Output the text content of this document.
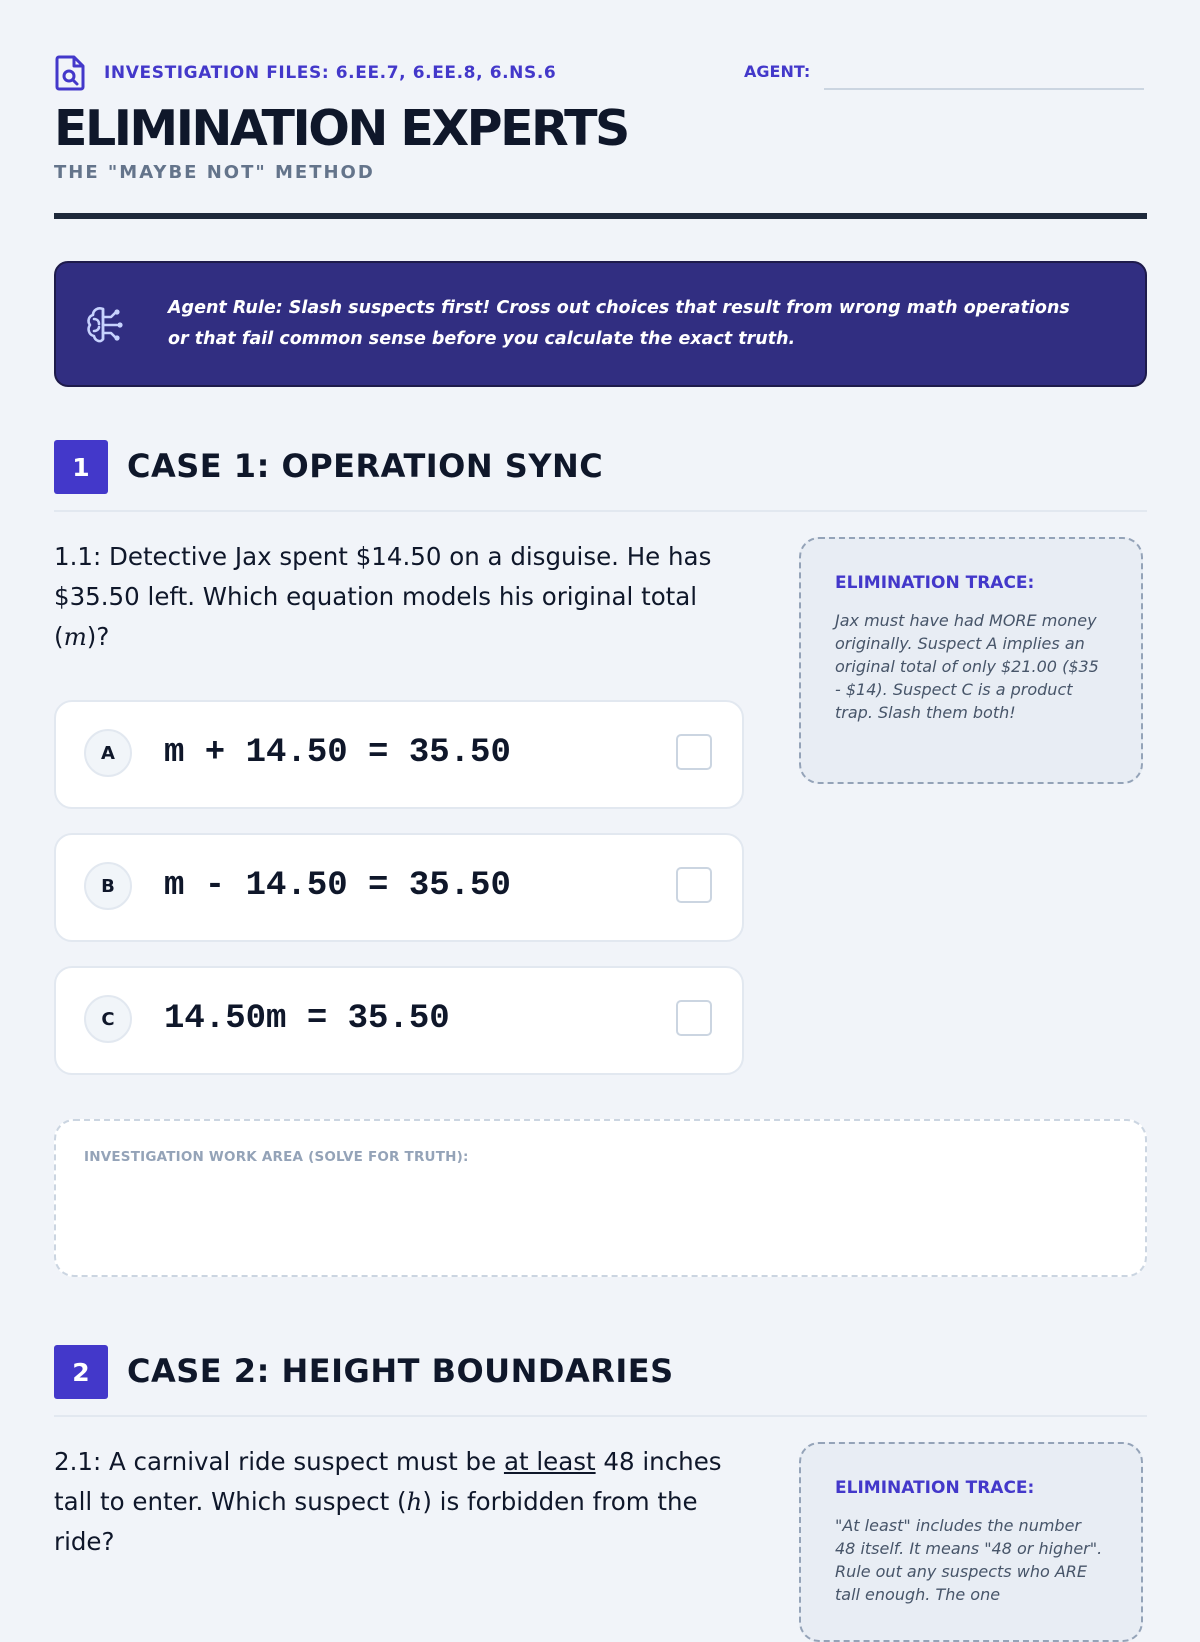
INVESTIGATION FILES: 6.EE.7, 6.EE.8, 6.NS.6	AGENT:
ELIMINATION EXPERTS
THE "MAYBE NOT" METHOD
Agent Rule: Slash suspects first! Cross out choices that result from wrong math operations or that fail common sense before you calculate the exact truth.
1	CASE 1: OPERATION SYNC
1.1: Detective Jax spent $14.50 on a disguise. He has $35.50 left. Which equation models his original total (m)?
A	m + 14.50 = 35.50
B	m - 14.50 = 35.50
C	14.50m = 35.50
ELIMINATION TRACE:
Jax must have had MORE money originally. Suspect A implies an original total of only $21.00 ($35 - $14). Suspect C is a product trap. Slash them both!
INVESTIGATION WORK AREA (SOLVE FOR TRUTH):
2	CASE 2: HEIGHT BOUNDARIES
2.1: A carnival ride suspect must be at least 48 inches tall to enter. Which suspect (h) is forbidden from the ride?
ELIMINATION TRACE:
"At least" includes the number 48 itself. It means "48 or higher". Rule out any suspects who ARE tall enough. The one
